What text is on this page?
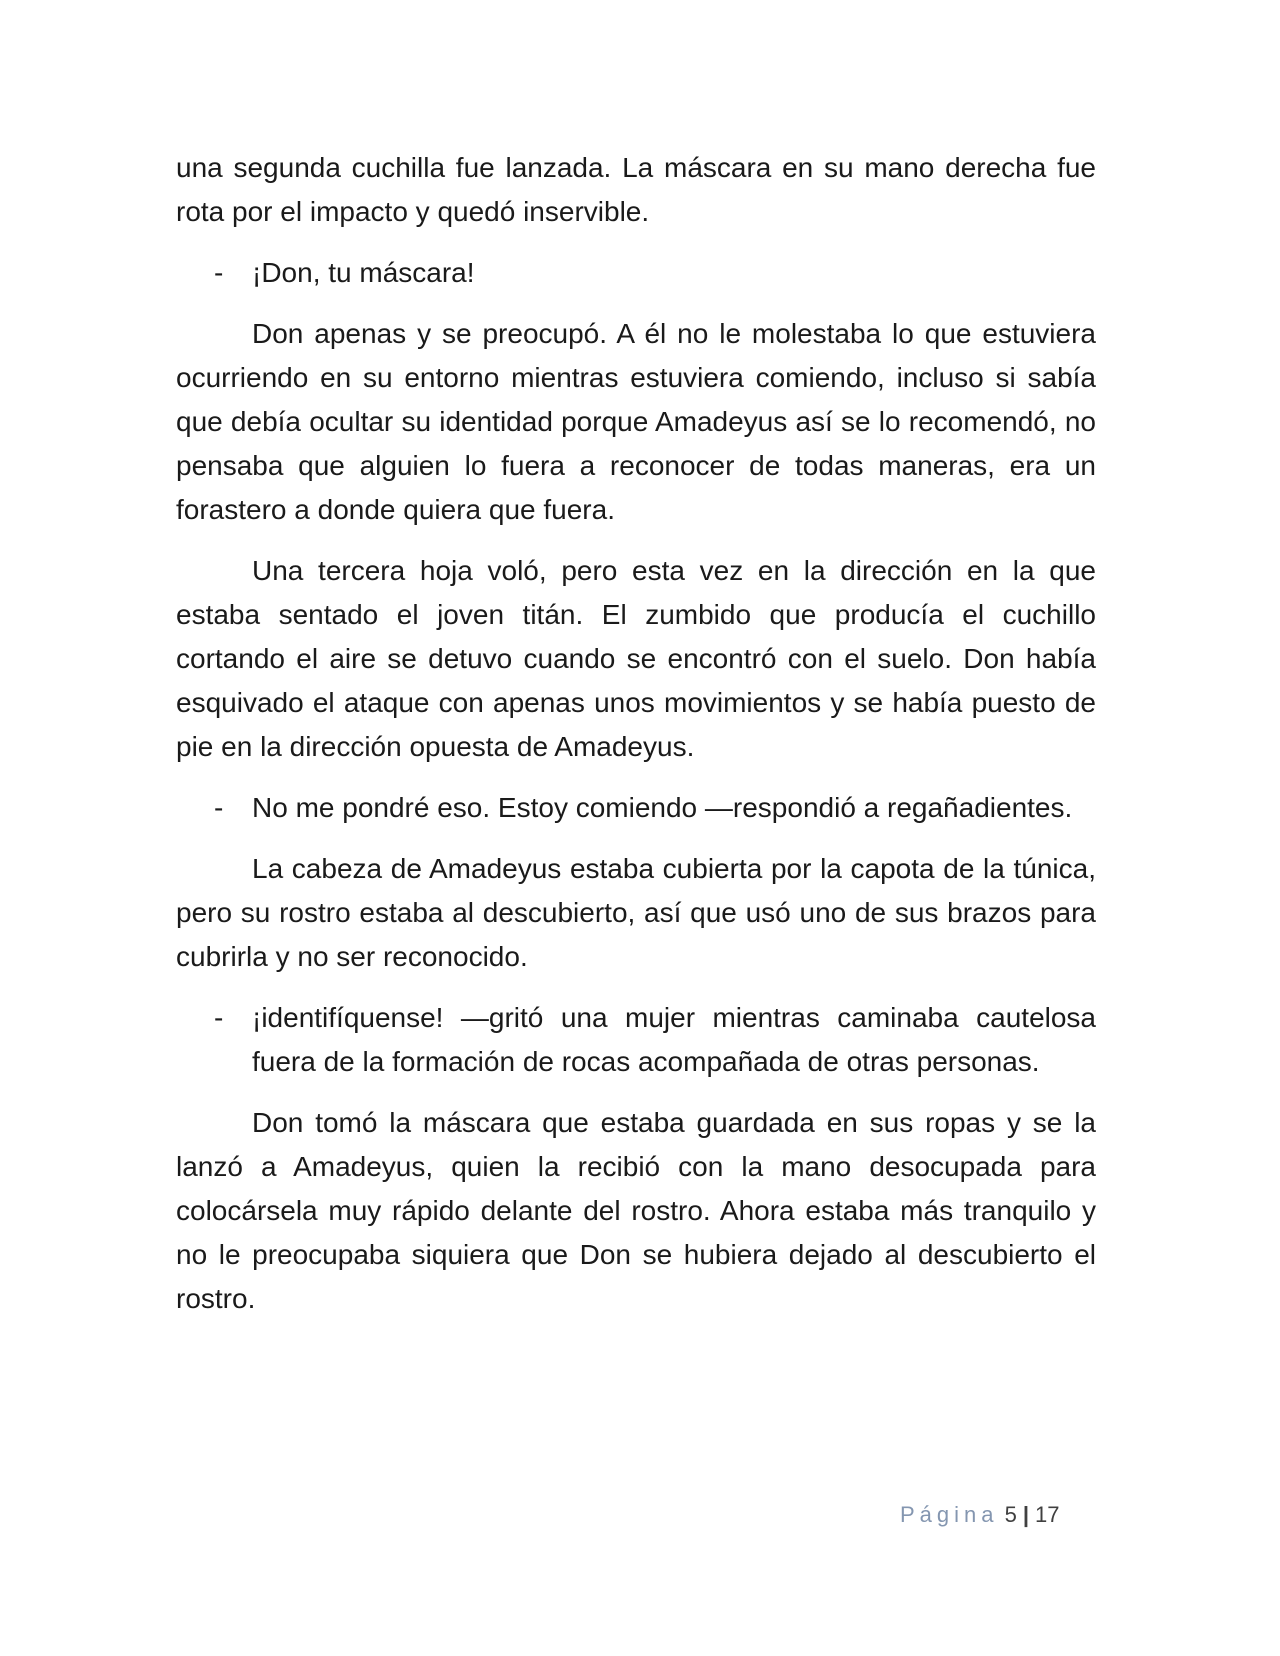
una segunda cuchilla fue lanzada. La máscara en su mano derecha fue rota por el impacto y quedó inservible.

- ¡Don, tu máscara!

Don apenas y se preocupó. A él no le molestaba lo que estuviera ocurriendo en su entorno mientras estuviera comiendo, incluso si sabía que debía ocultar su identidad porque Amadeyus así se lo recomendó, no pensaba que alguien lo fuera a reconocer de todas maneras, era un forastero a donde quiera que fuera.

Una tercera hoja voló, pero esta vez en la dirección en la que estaba sentado el joven titán. El zumbido que producía el cuchillo cortando el aire se detuvo cuando se encontró con el suelo. Don había esquivado el ataque con apenas unos movimientos y se había puesto de pie en la dirección opuesta de Amadeyus.

- No me pondré eso. Estoy comiendo —respondió a regañadientes.

La cabeza de Amadeyus estaba cubierta por la capota de la túnica, pero su rostro estaba al descubierto, así que usó uno de sus brazos para cubrirla y no ser reconocido.

- ¡identifíquense! —gritó una mujer mientras caminaba cautelosa fuera de la formación de rocas acompañada de otras personas.

Don tomó la máscara que estaba guardada en sus ropas y se la lanzó a Amadeyus, quien la recibió con la mano desocupada para colocársela muy rápido delante del rostro. Ahora estaba más tranquilo y no le preocupaba siquiera que Don se hubiera dejado al descubierto el rostro.

Página 5 | 17
